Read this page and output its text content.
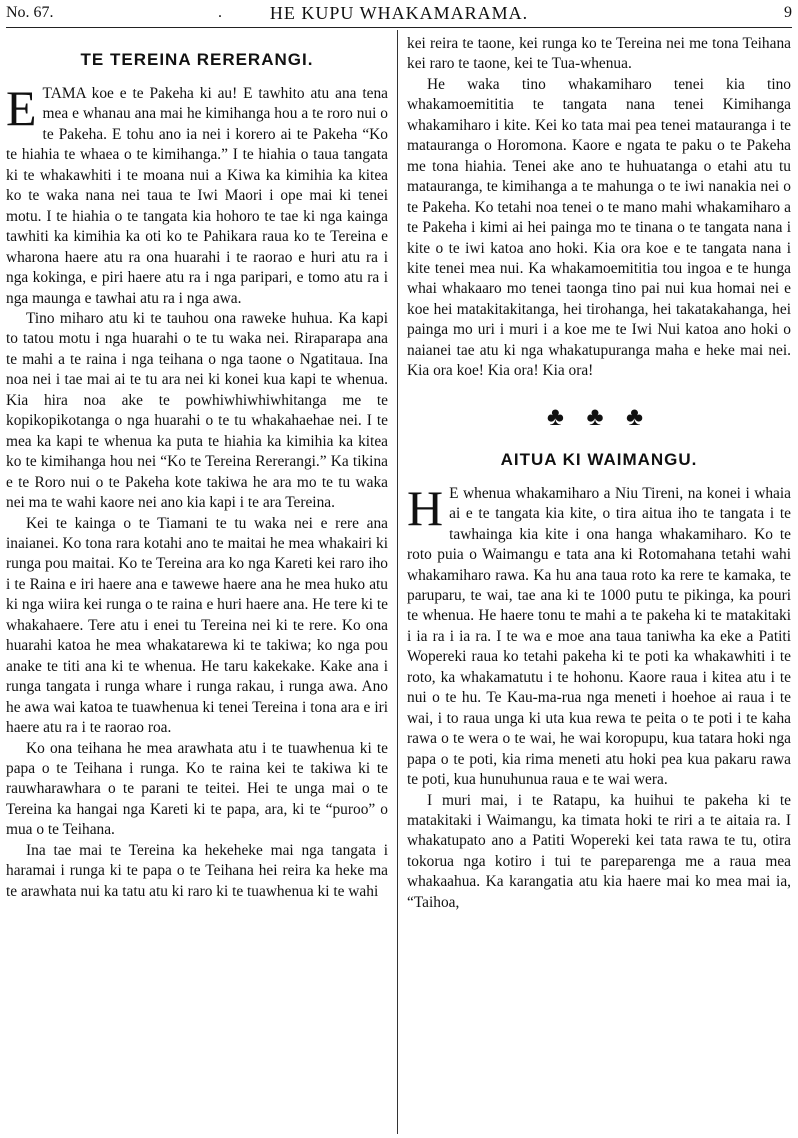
No. 67.	.	HE KUPU WHAKAMARAMA.	9
TE TEREINA RERERANGI.

ETAMA koe e te Pakeha ki au! E tawhito atu ana tena mea e whanau ana mai he kimihanga hou a te roro nui o te Pakeha. E tohu ano ia nei i korero ai te Pakeha “Ko te hiahia te whaea o te kimihanga.” I te hiahia o taua tangata ki te whakawhiti i te moana nui a Kiwa ka kimihia ka kitea ko te waka nana nei taua te Iwi Maori i ope mai ki tenei motu. I te hiahia o te tangata kia hohoro te tae ki nga kainga tawhiti ka kimihia ka oti ko te Pahikara raua ko te Tereina e wharona haere atu ra ona huarahi i te raorao e huri atu ra i nga kokinga, e piri haere atu ra i nga paripari, e tomo atu ra i nga maunga e tawhai atu ra i nga awa.

Tino miharo atu ki te tauhou ona raweke huhua. Ka kapi to tatou motu i nga huarahi o te tu waka nei. Riraparapa ana te mahi a te raina i nga teihana o nga taone o Ngatitaua. Ina noa nei i tae mai ai te tu ara nei ki konei kua kapi te whenua. Kia hira noa ake te powhiwhiwhiwhitanga me te kopikopikotanga o nga huarahi o te tu whakahaehae nei. I te mea ka kapi te whenua ka puta te hiahia ka kimihia ka kitea ko te kimihanga hou nei “Ko te Tereina Rererangi.” Ka tikina e te Roro nui o te Pakeha kote takiwa he ara mo te tu waka nei ma te wahi kaore nei ano kia kapi i te ara Tereina.

Kei te kainga o te Tiamani te tu waka nei e rere ana inaianei. Ko tona rara kotahi ano te maitai he mea whakairi ki runga pou maitai. Ko te Tereina ara ko nga Kareti kei raro iho i te Raina e iri haere ana e tawewe haere ana he mea huko atu ki nga wiira kei runga o te raina e huri haere ana. He tere ki te whakahaere. Tere atu i enei tu Tereina nei ki te rere. Ko ona huarahi katoa he mea whakatarewa ki te takiwa; ko nga pou anake te titi ana ki te whenua. He taru kakekake. Kake ana i runga tangata i runga whare i runga rakau, i runga awa. Ano he awa wai katoa te tuawhenua ki tenei Tereina i tona ara e iri haere atu ra i te raorao roa.

Ko ona teihana he mea arawhata atu i te tuawhenua ki te papa o te Teihana i runga. Ko te raina kei te takiwa ki te rauwharawhara o te parani te teitei. Hei te unga mai o te Tereina ka hangai nga Kareti ki te papa, ara, ki te “puroo” o mua o te Teihana.

Ina tae mai te Tereina ka hekeheke mai nga tangata i haramai i runga ki te papa o te Teihana hei reira ka heke ma te arawhata nui ka tatu atu ki raro ki te tuawhenua ki te wahi

kei reira te taone, kei runga ko te Tereina nei me tona Teihana kei raro te taone, kei te Tua-whenua.

He waka tino whakamiharo tenei kia tino whakamoemititia te tangata nana tenei Kimihanga whakamiharo i kite. Kei ko tata mai pea tenei matauranga i te matauranga o Horomona. Kaore e ngata te paku o te Pakeha me tona hiahia. Tenei ake ano te huhuatanga o etahi atu tu matauranga, te kimihanga a te mahunga o te iwi nanakia nei o te Pakeha. Ko tetahi noa tenei o te mano mahi whakamiharo a te Pakeha i kimi ai hei painga mo te tinana o te tangata nana i kite o te iwi katoa ano hoki. Kia ora koe e te tangata nana i kite tenei mea nui. Ka whakamoemititia tou ingoa e te hunga whai whakaaro mo tenei taonga tino pai nui kua homai nei e koe hei matakitakitanga, hei tirohanga, hei takatakahanga, hei painga mo uri i muri i a koe me te Iwi Nui katoa ano hoki o naianei tae atu ki nga whakatupuranga maha e heke mai nei. Kia ora koe! Kia ora! Kia ora!

♣ ♣ ♣
AITUA KI WAIMANGU.

H E whenua whakamiharo a Niu Tireni, na konei i whaia ai e te tangata kia kite, o tira aitua iho te tangata i te tawhainga kia kite i ona hanga whakamiharo. Ko te roto puia o Waimangu e tata ana ki Rotomahana tetahi wahi whakamiharo rawa. Ka hu ana taua roto ka rere te kamaka, te paruparu, te wai, tae ana ki te 1000 putu te pikinga, ka pouri te whenua. He haere tonu te mahi a te pakeha ki te matakitaki i ia ra i ia ra. I te wa e moe ana taua taniwha ka eke a Patiti Wopereki raua ko tetahi pakeha ki te poti ka whakawhiti i te roto, ka whakamatutu i te hohonu. Kaore raua i kitea atu i te nui o te hu. Te Kau-ma-rua nga meneti i hoehoe ai raua i te wai, i to raua unga ki uta kua rewa te peita o te poti i te kaha rawa o te wera o te wai, he wai koropupu, kua tatara hoki nga papa o te poti, kia rima meneti atu hoki pea kua pakaru rawa te poti, kua hunuhunua raua e te wai wera.

I muri mai, i te Ratapu, ka huihui te pakeha ki te matakitaki i Waimangu, ka timata hoki te riri a te aitaia ra. I whakatupato ano a Patiti Wopereki kei tata rawa te tu, otira tokorua nga kotiro i tui te pareparenga me a raua mea whakaahua. Ka karangatia atu kia haere mai ko mea mai ia, “Taihoa,
